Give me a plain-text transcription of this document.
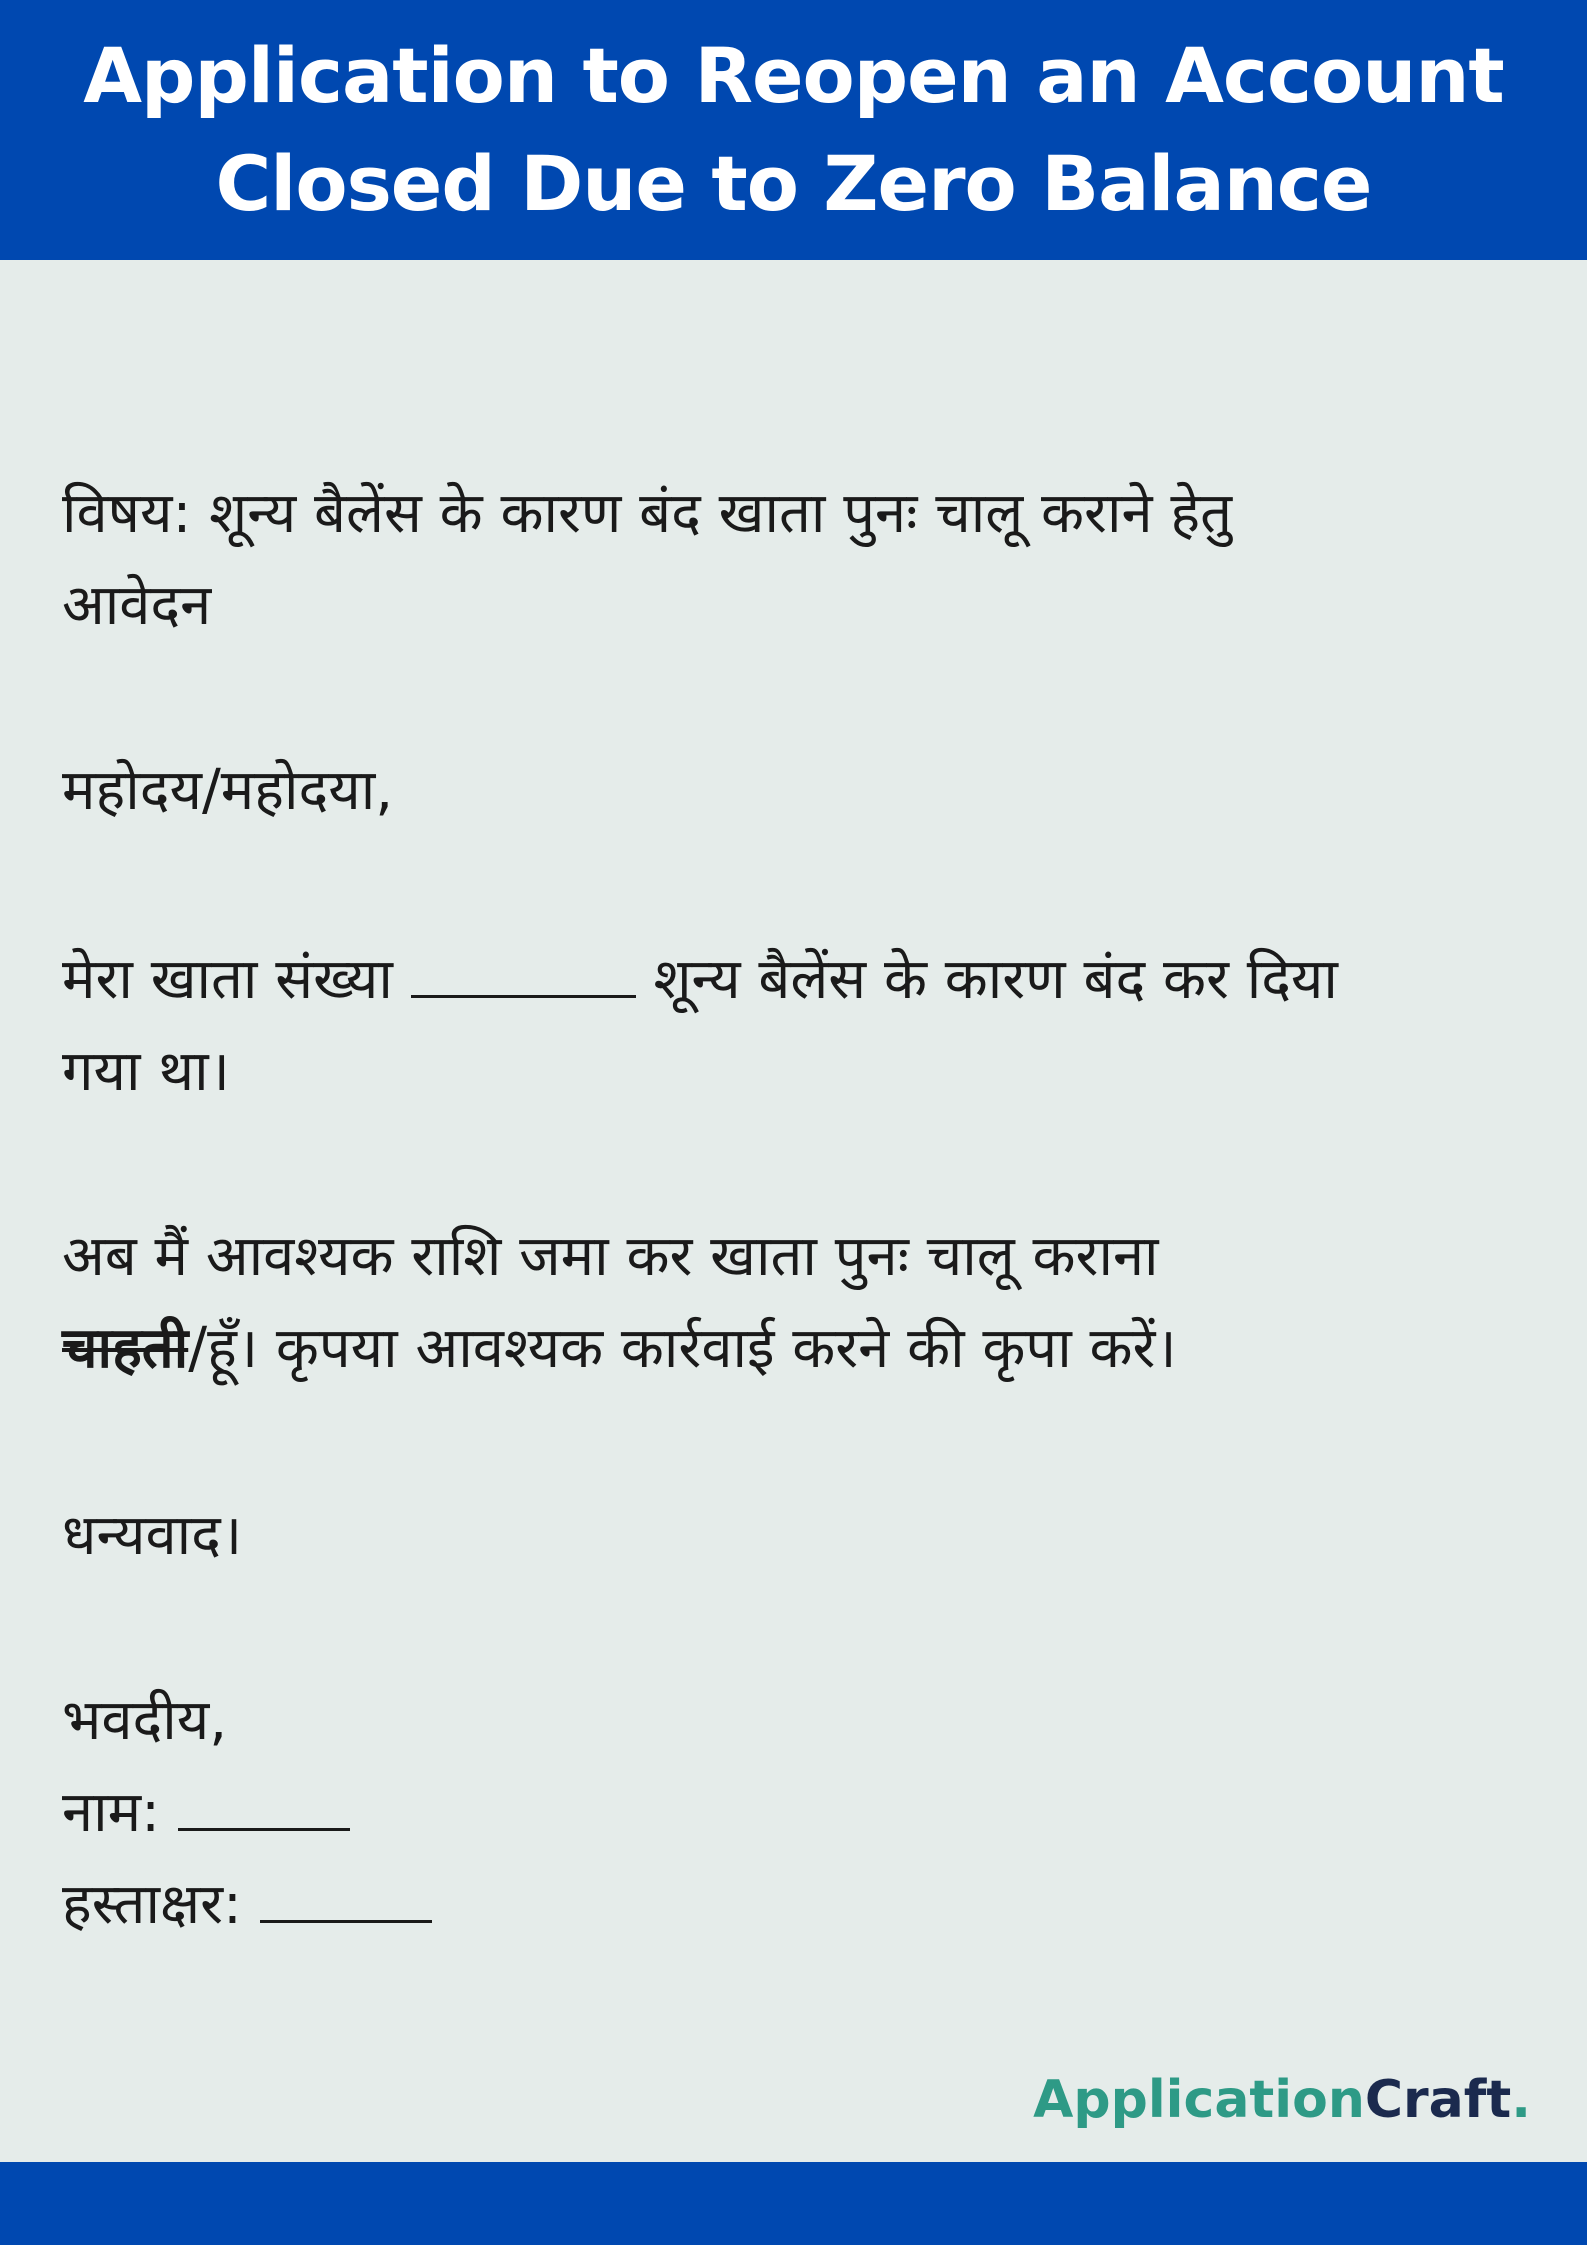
Application to Reopen an Account
Closed Due to Zero Balance
विषय: शून्य बैलेंस के कारण बंद खाता पुनः चालू कराने हेतु
आवेदन
महोदय/महोदया,
मेरा खाता संख्या	शून्य बैलेंस के कारण बंद कर दिया
गया था।
अब मैं आवश्यक राशि जमा कर खाता पुनः चालू कराना
चाहती/हूँ। कृपया आवश्यक कार्रवाई करने की कृपा करें।
धन्यवाद।
भवदीय,
नाम:
हस्ताक्षर:
ApplicationCraft.
